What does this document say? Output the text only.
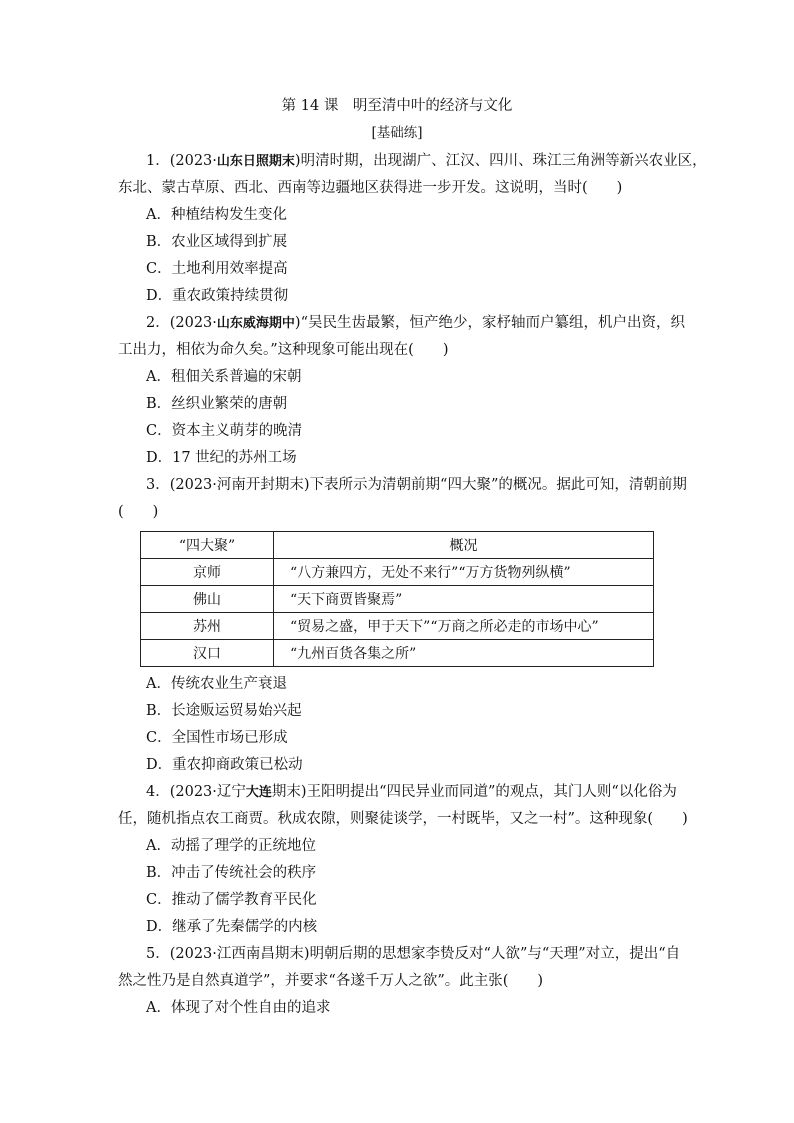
第 14 课　明至清中叶的经济与文化
[基础练]
1．(2023·山东日照期末)明清时期，出现湖广、江汉、四川、珠江三角洲等新兴农业区，
东北、蒙古草原、西北、西南等边疆地区获得进一步开发。这说明，当时(　　)
A．种植结构发生变化
B．农业区域得到扩展
C．土地利用效率提高
D．重农政策持续贯彻
2．(2023·山东威海期中)“吴民生齿最繁，恒产绝少，家杼轴而户纂组，机户出资，织
工出力，相依为命久矣。”这种现象可能出现在(　　)
A．租佃关系普遍的宋朝
B．丝织业繁荣的唐朝
C．资本主义萌芽的晚清
D．17 世纪的苏州工场
3．(2023·河南开封期末)下表所示为清朝前期“四大聚”的概况。据此可知，清朝前期
(　　)
“四大聚”	概况
京师	“八方兼四方，无处不来行”“万方货物列纵横”
佛山	“天下商贾皆聚焉”
苏州	“贸易之盛，甲于天下”“万商之所必走的市场中心”
汉口	“九州百货各集之所”
A．传统农业生产衰退
B．长途贩运贸易始兴起
C．全国性市场已形成
D．重农抑商政策已松动
4．(2023·辽宁大连期末)王阳明提出“四民异业而同道”的观点，其门人则“以化俗为
任，随机指点农工商贾。秋成农隙，则聚徒谈学，一村既毕，又之一村”。这种现象(　　)
A．动摇了理学的正统地位
B．冲击了传统社会的秩序
C．推动了儒学教育平民化
D．继承了先秦儒学的内核
5．(2023·江西南昌期末)明朝后期的思想家李贽反对“人欲”与“天理”对立，提出“自
然之性乃是自然真道学”，并要求“各遂千万人之欲”。此主张(　　)
A．体现了对个性自由的追求
